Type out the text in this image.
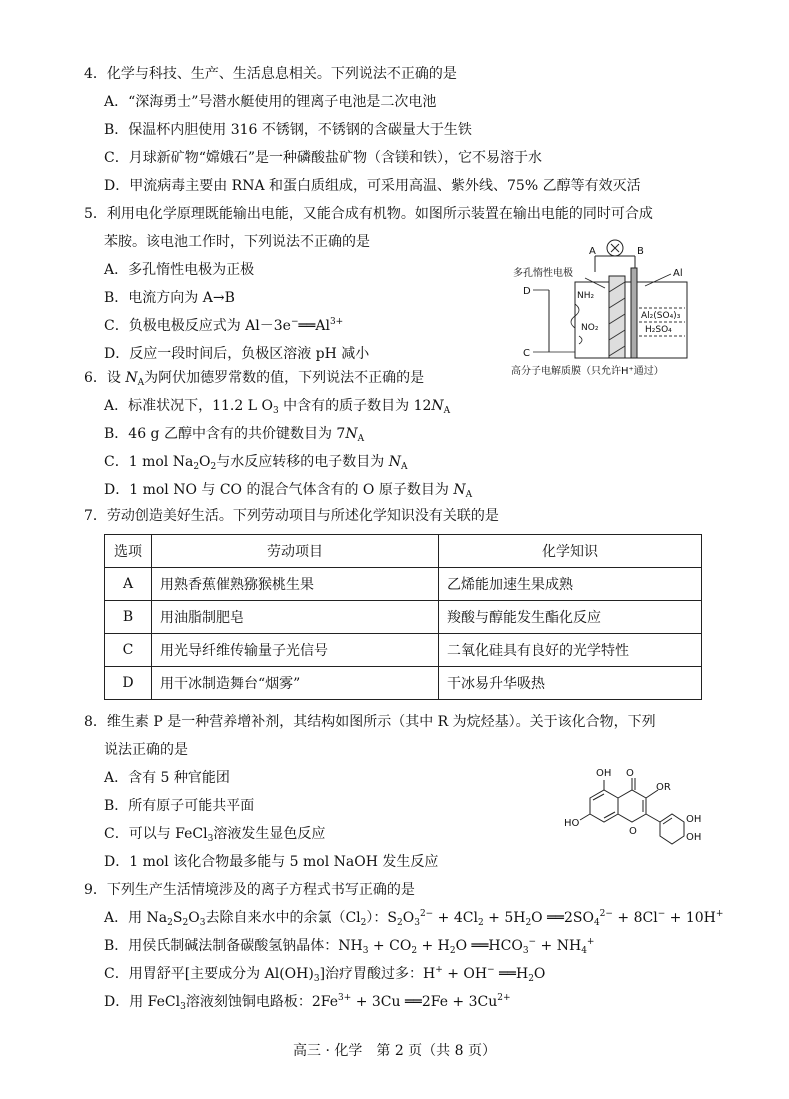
4．化学与科技、生产、生活息息相关。下列说法不正确的是
A．“深海勇士”号潜水艇使用的锂离子电池是二次电池
B．保温杯内胆使用 316 不锈钢，不锈钢的含碳量大于生铁
C．月球新矿物“嫦娥石”是一种磷酸盐矿物（含镁和铁），它不易溶于水
D．甲流病毒主要由 RNA 和蛋白质组成，可采用高温、紫外线、75% 乙醇等有效灭活
5．利用电化学原理既能输出电能，又能合成有机物。如图所示装置在输出电能的同时可合成
苯胺。该电池工作时，下列说法不正确的是
A．多孔惰性电极为正极
B．电流方向为 A→B
C．负极电极反应式为 $Al-3e^-══Al^{3+}$
D．反应一段时间后，负极区溶液 pH 减小
A	B
多孔惰性电极	Al
Al₂(SO₄)₃
H₂SO₄
D	NH₂
NO₂
C
高分子电解质膜（只允许H⁺通过）
6．设 $N_A$为阿伏加德罗常数的值，下列说法不正确的是
A．标准状况下，11.2 L $O_3$ 中含有的质子数目为 $12N_A$
B．46 g 乙醇中含有的共价键数目为 $7N_A$
C．1 mol $Na_2O_2$与水反应转移的电子数目为 $N_A$
D．1 mol NO 与 CO 的混合气体含有的 O 原子数目为 $N_A$
7．劳动创造美好生活。下列劳动项目与所述化学知识没有关联的是
选项	劳动项目	化学知识
A	用熟香蕉催熟猕猴桃生果	乙烯能加速生果成熟
B	用油脂制肥皂	羧酸与醇能发生酯化反应
C	用光导纤维传输量子光信号	二氧化硅具有良好的光学特性
D	用干冰制造舞台“烟雾”	干冰易升华吸热
8．维生素 P 是一种营养增补剂，其结构如图所示（其中 R 为烷烃基）。关于该化合物，下列
说法正确的是
A．含有 5 种官能团
B．所有原子可能共平面
C．可以与 FeCl$_3$溶液发生显色反应
D．1 mol 该化合物最多能与 5 mol NaOH 发生反应
OH O
OR
HO
O
OH
OH
9．下列生产生活情境涉及的离子方程式书写正确的是
A．用 $Na_2S_2O_3$去除自来水中的余氯$(Cl_2)$：$S_2O_3^{2-} + 4Cl_2 + 5H_2O$ $══2SO_4^{2-} + 8Cl^- + 10H^+$
B．用侯氏制碱法制备碳酸氢钠晶体：$NH_3 + CO_2 + H_2O$ $══HCO_3^- + NH_4^+$
C．用胃舒平[主要成分为 $Al(OH)_3$]治疗胃酸过多：H+ + OH− $══H_2O$
D．用 FeCl$_3$溶液刻蚀铜电路板：$2Fe^{3+} + 3Cu$ ══2Fe + $3Cu^{2+}$
高三 · 化学　第 2 页（共 8 页）
